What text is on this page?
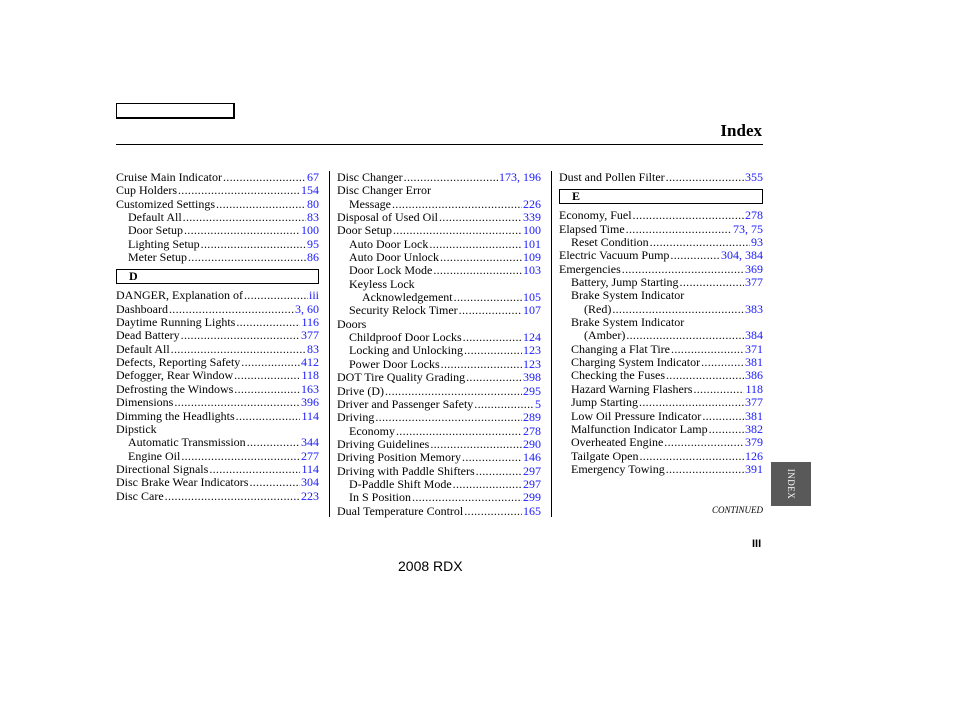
Index
Cruise Main Indicator .....	67
Cup Holders .....	154
Customized Settings .....	80
Default All .....	83
Door Setup .....	100
Lighting Setup .....	95
Meter Setup .....	86
D
DANGER, Explanation of .....	iii
Dashboard .....	3, 60
Daytime Running Lights .....	116
Dead Battery .....	377
Default All .....	83
Defects, Reporting Safety .....	412
Defogger, Rear Window .....	118
Defrosting the Windows .....	163
Dimensions .....	396
Dimming the Headlights .....	114
Dipstick
Automatic Transmission .....	344
Engine Oil .....	277
Directional Signals .....	114
Disc Brake Wear Indicators .....	304
Disc Care .....	223
Disc Changer .....	173, 196
Disc Changer Error
Message .....	226
Disposal of Used Oil .....	339
Door Setup .....	100
Auto Door Lock .....	101
Auto Door Unlock .....	109
Door Lock Mode .....	103
Keyless Lock
Acknowledgement .....	105
Security Relock Timer .....	107
Doors
Childproof Door Locks .....	124
Locking and Unlocking .....	123
Power Door Locks .....	123
DOT Tire Quality Grading .....	398
Drive (D) .....	295
Driver and Passenger Safety .....	5
Driving .....	289
Economy .....	278
Driving Guidelines .....	290
Driving Position Memory .....	146
Driving with Paddle Shifters .....	297
D-Paddle Shift Mode .....	297
In S Position .....	299
Dual Temperature Control .....	165
Dust and Pollen Filter .....	355
E
Economy, Fuel .....	278
Elapsed Time .....	73, 75
Reset Condition .....	93
Electric Vacuum Pump .....	304, 384
Emergencies .....	369
Battery, Jump Starting .....	377
Brake System Indicator
(Red) .....	383
Brake System Indicator
(Amber) .....	384
Changing a Flat Tire .....	371
Charging System Indicator .....	381
Checking the Fuses .....	386
Hazard Warning Flashers .....	118
Jump Starting .....	377
Low Oil Pressure Indicator .....	381
Malfunction Indicator Lamp .....	382
Overheated Engine .....	379
Tailgate Open .....	126
Emergency Towing .....	391	INDEX
CONTINUED
III
2008 RDX
